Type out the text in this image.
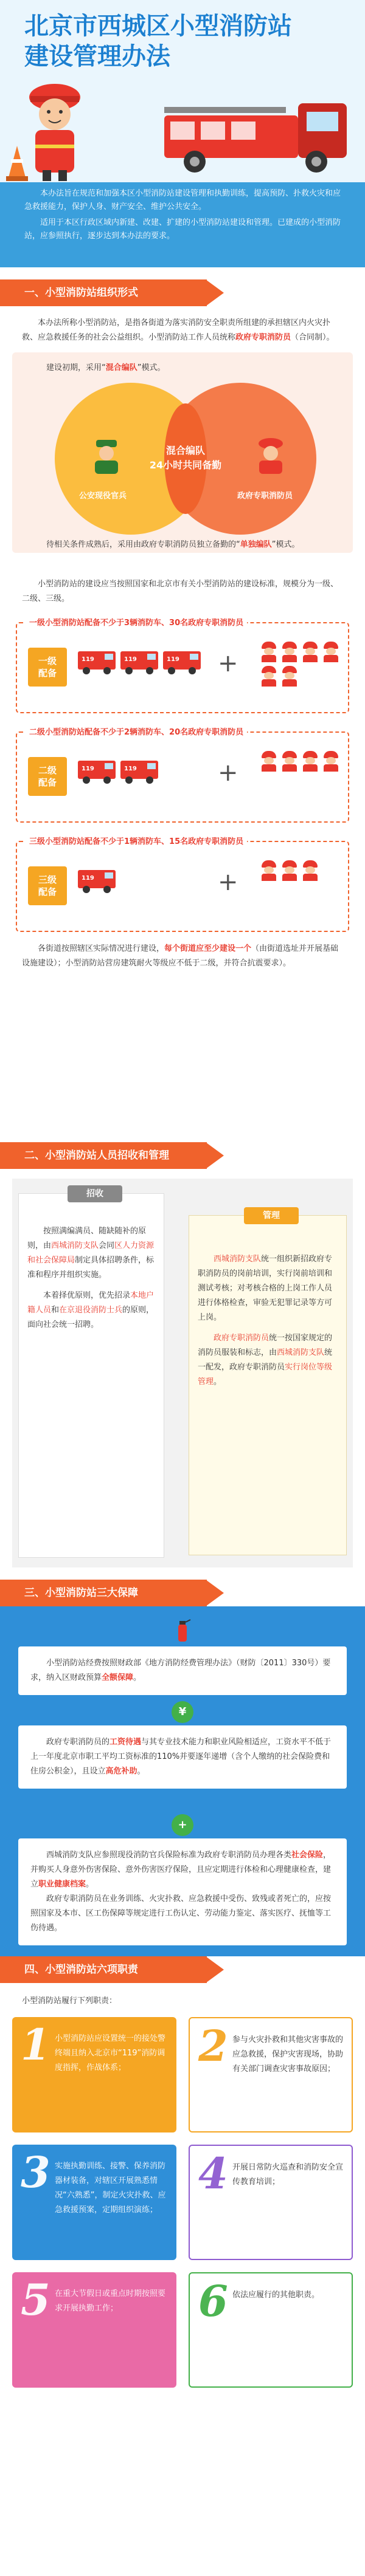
北京市西城区小型消防站
建设管理办法

本办法旨在规范和加强本区小型消防站建设管理和执勤训练，提高预防、扑救火灾和应急救援能力，保护人身、财产安全、维护公共安全。

适用于本区行政区域内新建、改建、扩建的小型消防站建设和管理。已建成的小型消防站，应参照执行，逐步达到本办法的要求。

一、小型消防站组织形式

本办法所称小型消防站，是指各街道为落实消防安全职责所组建的承担辖区内火灾扑救、应急救援任务的社会公益组织。小型消防站工作人员统称政府专职消防员（合同制）。

建设初期，采用“混合编队”模式。
混合编队
24小时共同备勤
公安现役官兵	政府专职消防员
待相关条件成熟后，采用由政府专职消防员独立备勤的“单独编队”模式。

小型消防站的建设应当按照国家和北京市有关小型消防站的建设标准，规模分为一级、二级、三级。

一级小型消防站配备不少于3辆消防车、30名政府专职消防员
一级
配备
119	119	119 +
二级小型消防站配备不少于2辆消防车、20名政府专职消防员
二级
配备
119	119	+
三级小型消防站配备不少于1辆消防车、15名政府专职消防员
三级
配备
119	+

各街道按照辖区实际情况进行建设，每个街道应至少建设一个（由街道选址并开展基础设施建设）；小型消防站营房建筑耐火等级应不低于二级，并符合抗震要求）。

二、小型消防站人员招收和管理
招收

按照满编满员、随缺随补的原则，由西城消防支队会同区人力资源和社会保障局制定具体招聘条件，标准和程序并组织实施。

本着择优原则，优先招录本地户籍人员和在京退役消防士兵的原则，面向社会统一招聘。

管理

西城消防支队统一组织新招政府专职消防员的岗前培训，实行岗前培训和测试考核；对考核合格的上岗工作人员进行体格检查，审验无犯罪记录等方可上岗。

政府专职消防员统一按国家规定的消防员服装和标志，由西城消防支队统一配发，政府专职消防员实行岗位等级管理。

三、小型消防站三大保障

小型消防站经费按照财政部《地方消防经费管理办法》（财防〔2011〕330号）要求，纳入区财政预算全额保障。

¥

政府专职消防员的工资待遇与其专业技术能力和职业风险相适应，工资水平不低于上一年度北京市职工平均工资标准的110%并要逐年递增（含个人缴纳的社会保险费和住房公积金），且设立高危补助。

+

西城消防支队应参照现役消防官兵保险标准为政府专职消防员办理各类社会保险，并购买人身意外伤害保险、意外伤害医疗保险，且应定期进行体检和心理健康检查，建立职业健康档案。

政府专职消防员在业务训练、火灾扑救、应急救援中受伤、致残或者死亡的，应按照国家及本市、区工伤保障等规定进行工伤认定、劳动能力鉴定、落实医疗、抚恤等工伤待遇。

四、小型消防站六项职责
小型消防站履行下列职责：
1 小型消防站应设置统一的接处警终端且纳入北京市“119”消防调度指挥，作战体系；	2 参与火灾扑救和其他灾害事故的应急救援，保护灾害现场，协助有关部门调查灾害事故原因；
3 实施执勤训练、接警、保养消防器材装备，对辖区开展熟悉情况“六熟悉”，制定火灾扑救、应急救援预案，定期组织演练；
4 开展日常防火巡查和消防安全宣传教育培训；
5 在重大节假日或重点时期按照要求开展执勤工作；	6 依法应履行的其他职责。
